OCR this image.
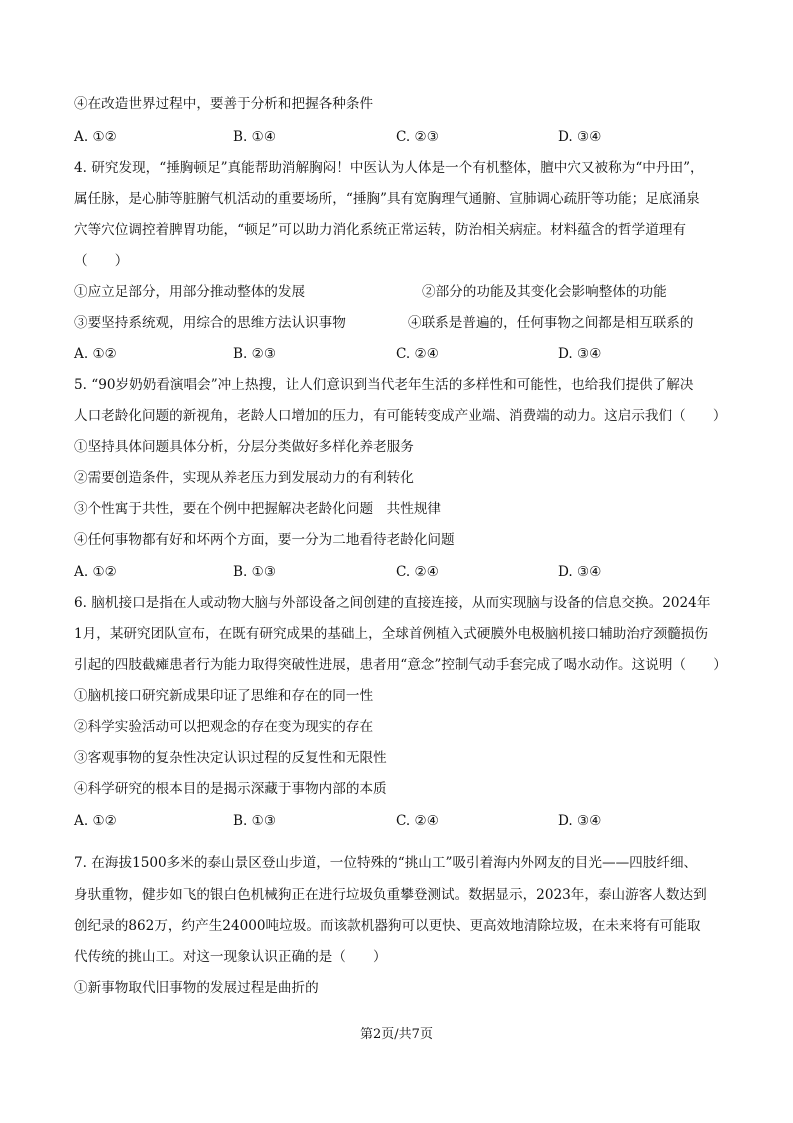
④在改造世界过程中，要善于分析和把握各种条件
A. ①②	B. ①④	C. ②③	D. ③④
4. 研究发现，“捶胸顿足”真能帮助消解胸闷！中医认为人体是一个有机整体，膻中穴又被称为“中丹田”，
属任脉，是心肺等脏腑气机活动的重要场所，“捶胸”具有宽胸理气通腑、宣肺调心疏肝等功能；足底涌泉
穴等穴位调控着脾胃功能，“顿足”可以助力消化系统正常运转，防治相关病症。材料蕴含的哲学道理有
（　　）
①应立足部分，用部分推动整体的发展	②部分的功能及其变化会影响整体的功能
③要坚持系统观，用综合的思维方法认识事物	④联系是普遍的，任何事物之间都是相互联系的
A. ①②	B. ②③	C. ②④	D. ③④
5. “90岁奶奶看演唱会”冲上热搜，让人们意识到当代老年生活的多样性和可能性，也给我们提供了解决
人口老龄化问题的新视角，老龄人口增加的压力，有可能转变成产业端、消费端的动力。这启示我们（　　）
①坚持具体问题具体分析，分层分类做好多样化养老服务
②需要创造条件，实现从养老压力到发展动力的有利转化
③个性寓于共性，要在个例中把握解决老龄化问题　共性规律
④任何事物都有好和坏两个方面，要一分为二地看待老龄化问题
A. ①②	B. ①③	C. ②④	D. ③④
6. 脑机接口是指在人或动物大脑与外部设备之间创建的直接连接，从而实现脑与设备的信息交换。2024年
1月，某研究团队宣布，在既有研究成果的基础上，全球首例植入式硬膜外电极脑机接口辅助治疗颈髓损伤
引起的四肢截瘫患者行为能力取得突破性进展，患者用“意念”控制气动手套完成了喝水动作。这说明（　　）
①脑机接口研究新成果印证了思维和存在的同一性
②科学实验活动可以把观念的存在变为现实的存在
③客观事物的复杂性决定认识过程的反复性和无限性
④科学研究的根本目的是揭示深藏于事物内部的本质
A. ①②	B. ①③	C. ②④	D. ③④
7. 在海拔1500多米的泰山景区登山步道，一位特殊的“挑山工”吸引着海内外网友的目光——四肢纤细、
身驮重物，健步如飞的银白色机械狗正在进行垃圾负重攀登测试。数据显示，2023年，泰山游客人数达到
创纪录的862万，约产生24000吨垃圾。而该款机器狗可以更快、更高效地清除垃圾，在未来将有可能取
代传统的挑山工。对这一现象认识正确的是（　　）
①新事物取代旧事物的发展过程是曲折的
第2页/共7页
